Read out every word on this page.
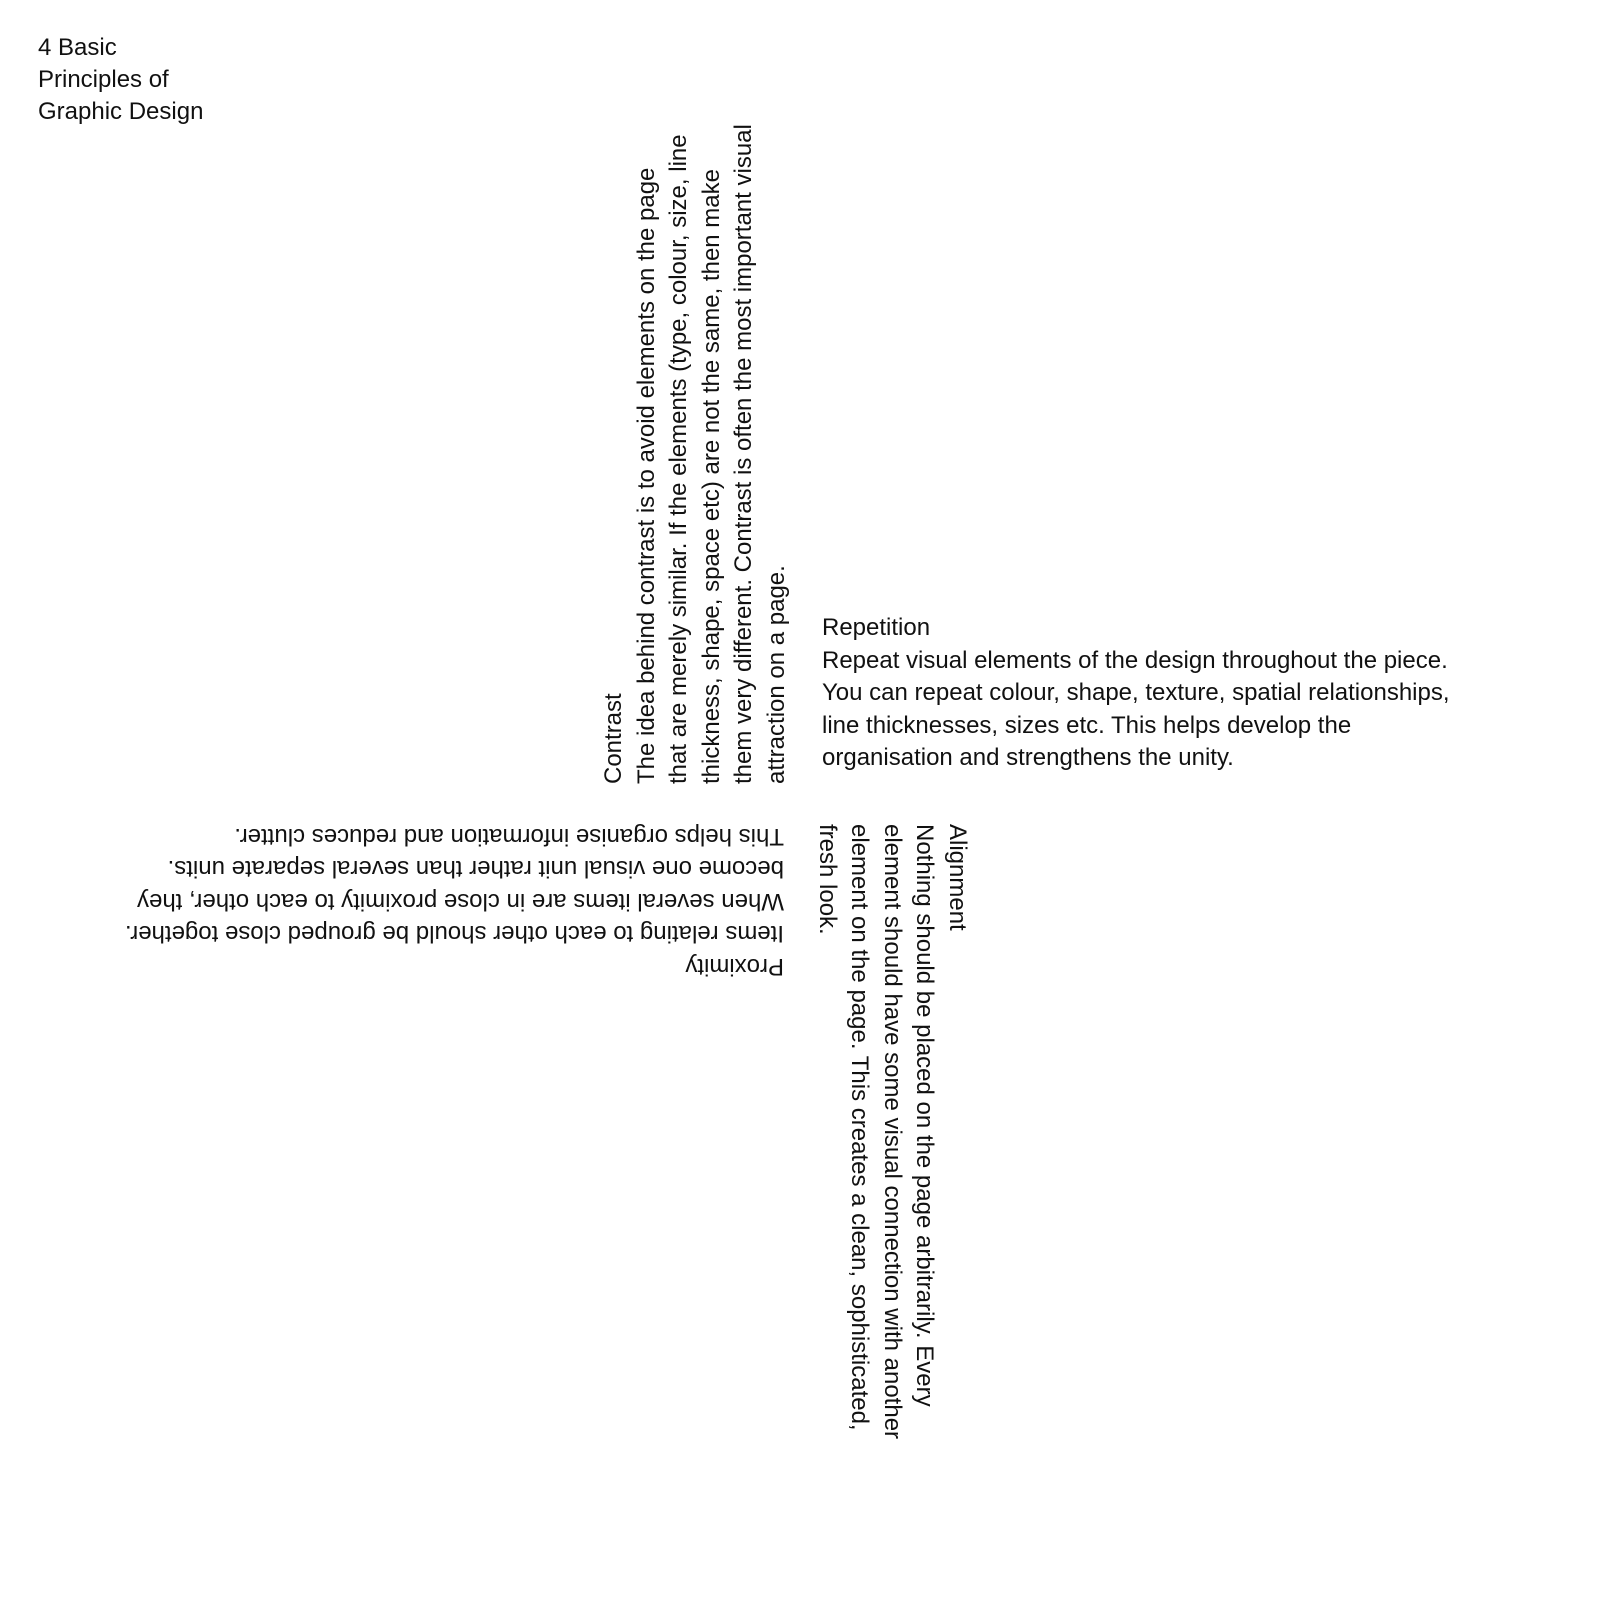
4 Basic
Principles of
Graphic Design
Contrast The idea behind contrast is to avoid elements on the page that are merely similar. If the elements (type, colour, size, line thickness, shape, space etc) are not the same, then make them very different. Contrast is often the most important visual attraction on a page. Repetition
Repeat visual elements of the design throughout the piece.
You can repeat colour, shape, texture, spatial relationships,
line thicknesses, sizes etc. This helps develop the
organisation and strengthens the unity.
Alignment
Nothing should be placed on the page arbitrarily. Every
element should have some visual connection with another
element on the page. This creates a clean, sophisticated,
fresh look.
Proximity
Items relating to each other should be grouped close together.
When several items are in close proximity to each other, they
become one visual unit rather than several separate units.
This helps organise information and reduces clutter.
